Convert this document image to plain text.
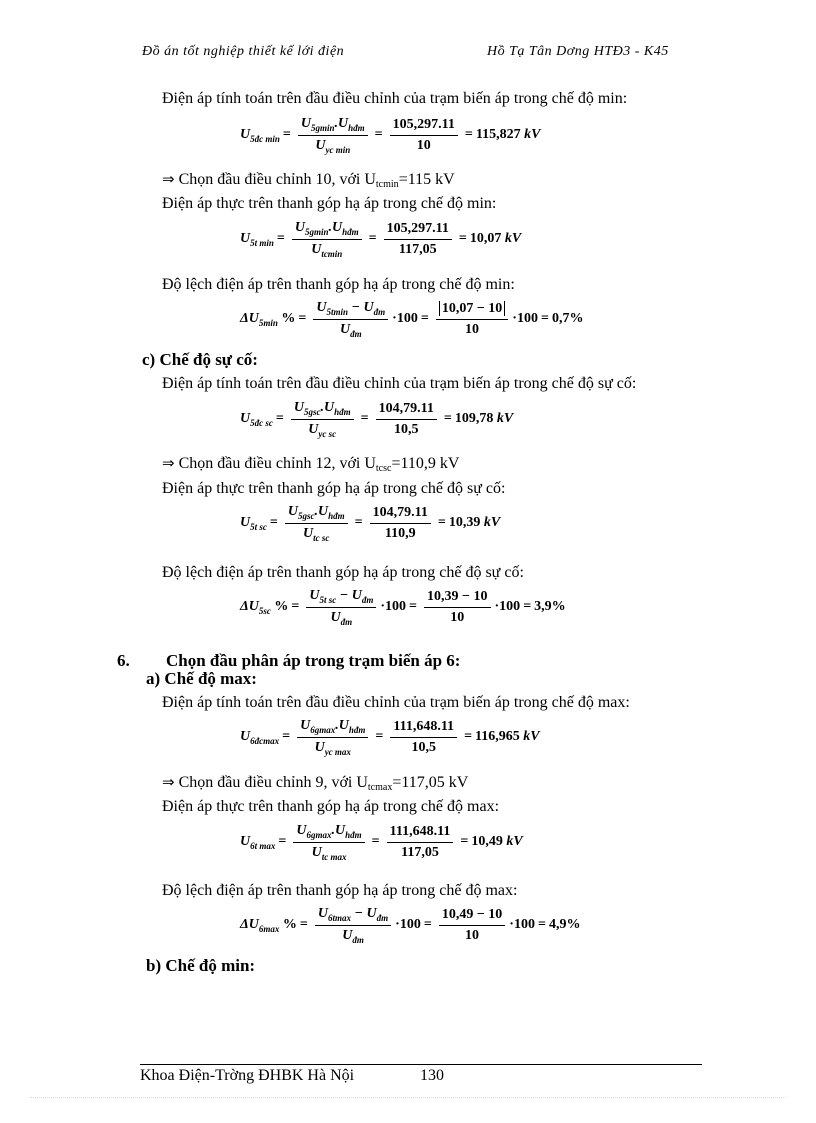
Đồ án tốt nghiệp thiết kế lới điện	Hồ Tạ Tân Dơng HTĐ3 - K45
Điện áp tính toán trên đầu điều chỉnh của trạm biến áp trong chế độ min:
$U_{5đc min} = \frac{U_{5gmin}.U_{hđm}}{U_{yc min}} = \frac{105,297.11}{10} = 115,827$
kV
⇒ Chọn đầu điều chỉnh 10, với $U_{tcmin}=115$ kV
Điện áp thực trên thanh góp hạ áp trong chế độ min:
$U_{5t min} = \frac{U_{5gmin}.U_{hđm}}{U_{tcmin}} = \frac{105,297.11}{117,05} = 10,07$
kV
Độ lệch điện áp trên thanh góp hạ áp trong chế độ min:
$\Delta U_{5min}$
% = $\frac{U_{5tmin} - U_{đm}}{U_{đm}} \cdot 100 = \frac{10,07 - 10}{10} \cdot 100 = 0,7\%$
c) Chế độ sự cố:
Điện áp tính toán trên đầu điều chỉnh của trạm biến áp trong chế độ sự cố:
$U_{5đc sc} = \frac{U_{5gsc}.U_{hđm}}{U_{yc sc}} = \frac{104,79.11}{10,5} = 109,78$
kV
⇒ Chọn đầu điều chỉnh 12, với $U_{tcsc}=110,9$ kV
Điện áp thực trên thanh góp hạ áp trong chế độ sự cố:
$U_{5t sc} = \frac{U_{5gsc}.U_{hđm}}{U_{tc sc}} = \frac{104,79.11}{110,9} = 10,39$
kV
Độ lệch điện áp trên thanh góp hạ áp trong chế độ sự cố:
$\Delta U_{5sc}$
% = $\frac{U_{5t sc} - U_{đm}}{U_{đm}} \cdot 100 = \frac{10,39 - 10}{10} \cdot 100 = 3,9\%$
6. Chọn đầu phân áp trong trạm biến áp 6:
a) Chế độ max:
Điện áp tính toán trên đầu điều chỉnh của trạm biến áp trong chế độ max:
$U_{6đcmax} = \frac{U_{6gmax}.U_{hđm}}{U_{yc max}} = \frac{111,648.11}{10,5} = 116,965$
kV
⇒ Chọn đầu điều chỉnh 9, với $U_{tcmax}=117,05$ kV
Điện áp thực trên thanh góp hạ áp trong chế độ max:
$U_{6t max} = \frac{U_{6gmax}.U_{hđm}}{U_{tc max}} = \frac{111,648.11}{117,05} = 10,49$
kV
Độ lệch điện áp trên thanh góp hạ áp trong chế độ max:
$\Delta U_{6max}$
% = $\frac{U_{6tmax} - U_{đm}}{U_{đm}} \cdot 100 = \frac{10,49 - 10}{10} \cdot 100 = 4,9\%$
b) Chế độ min:
Khoa Điện-Trờng ĐHBK Hà Nội	130
